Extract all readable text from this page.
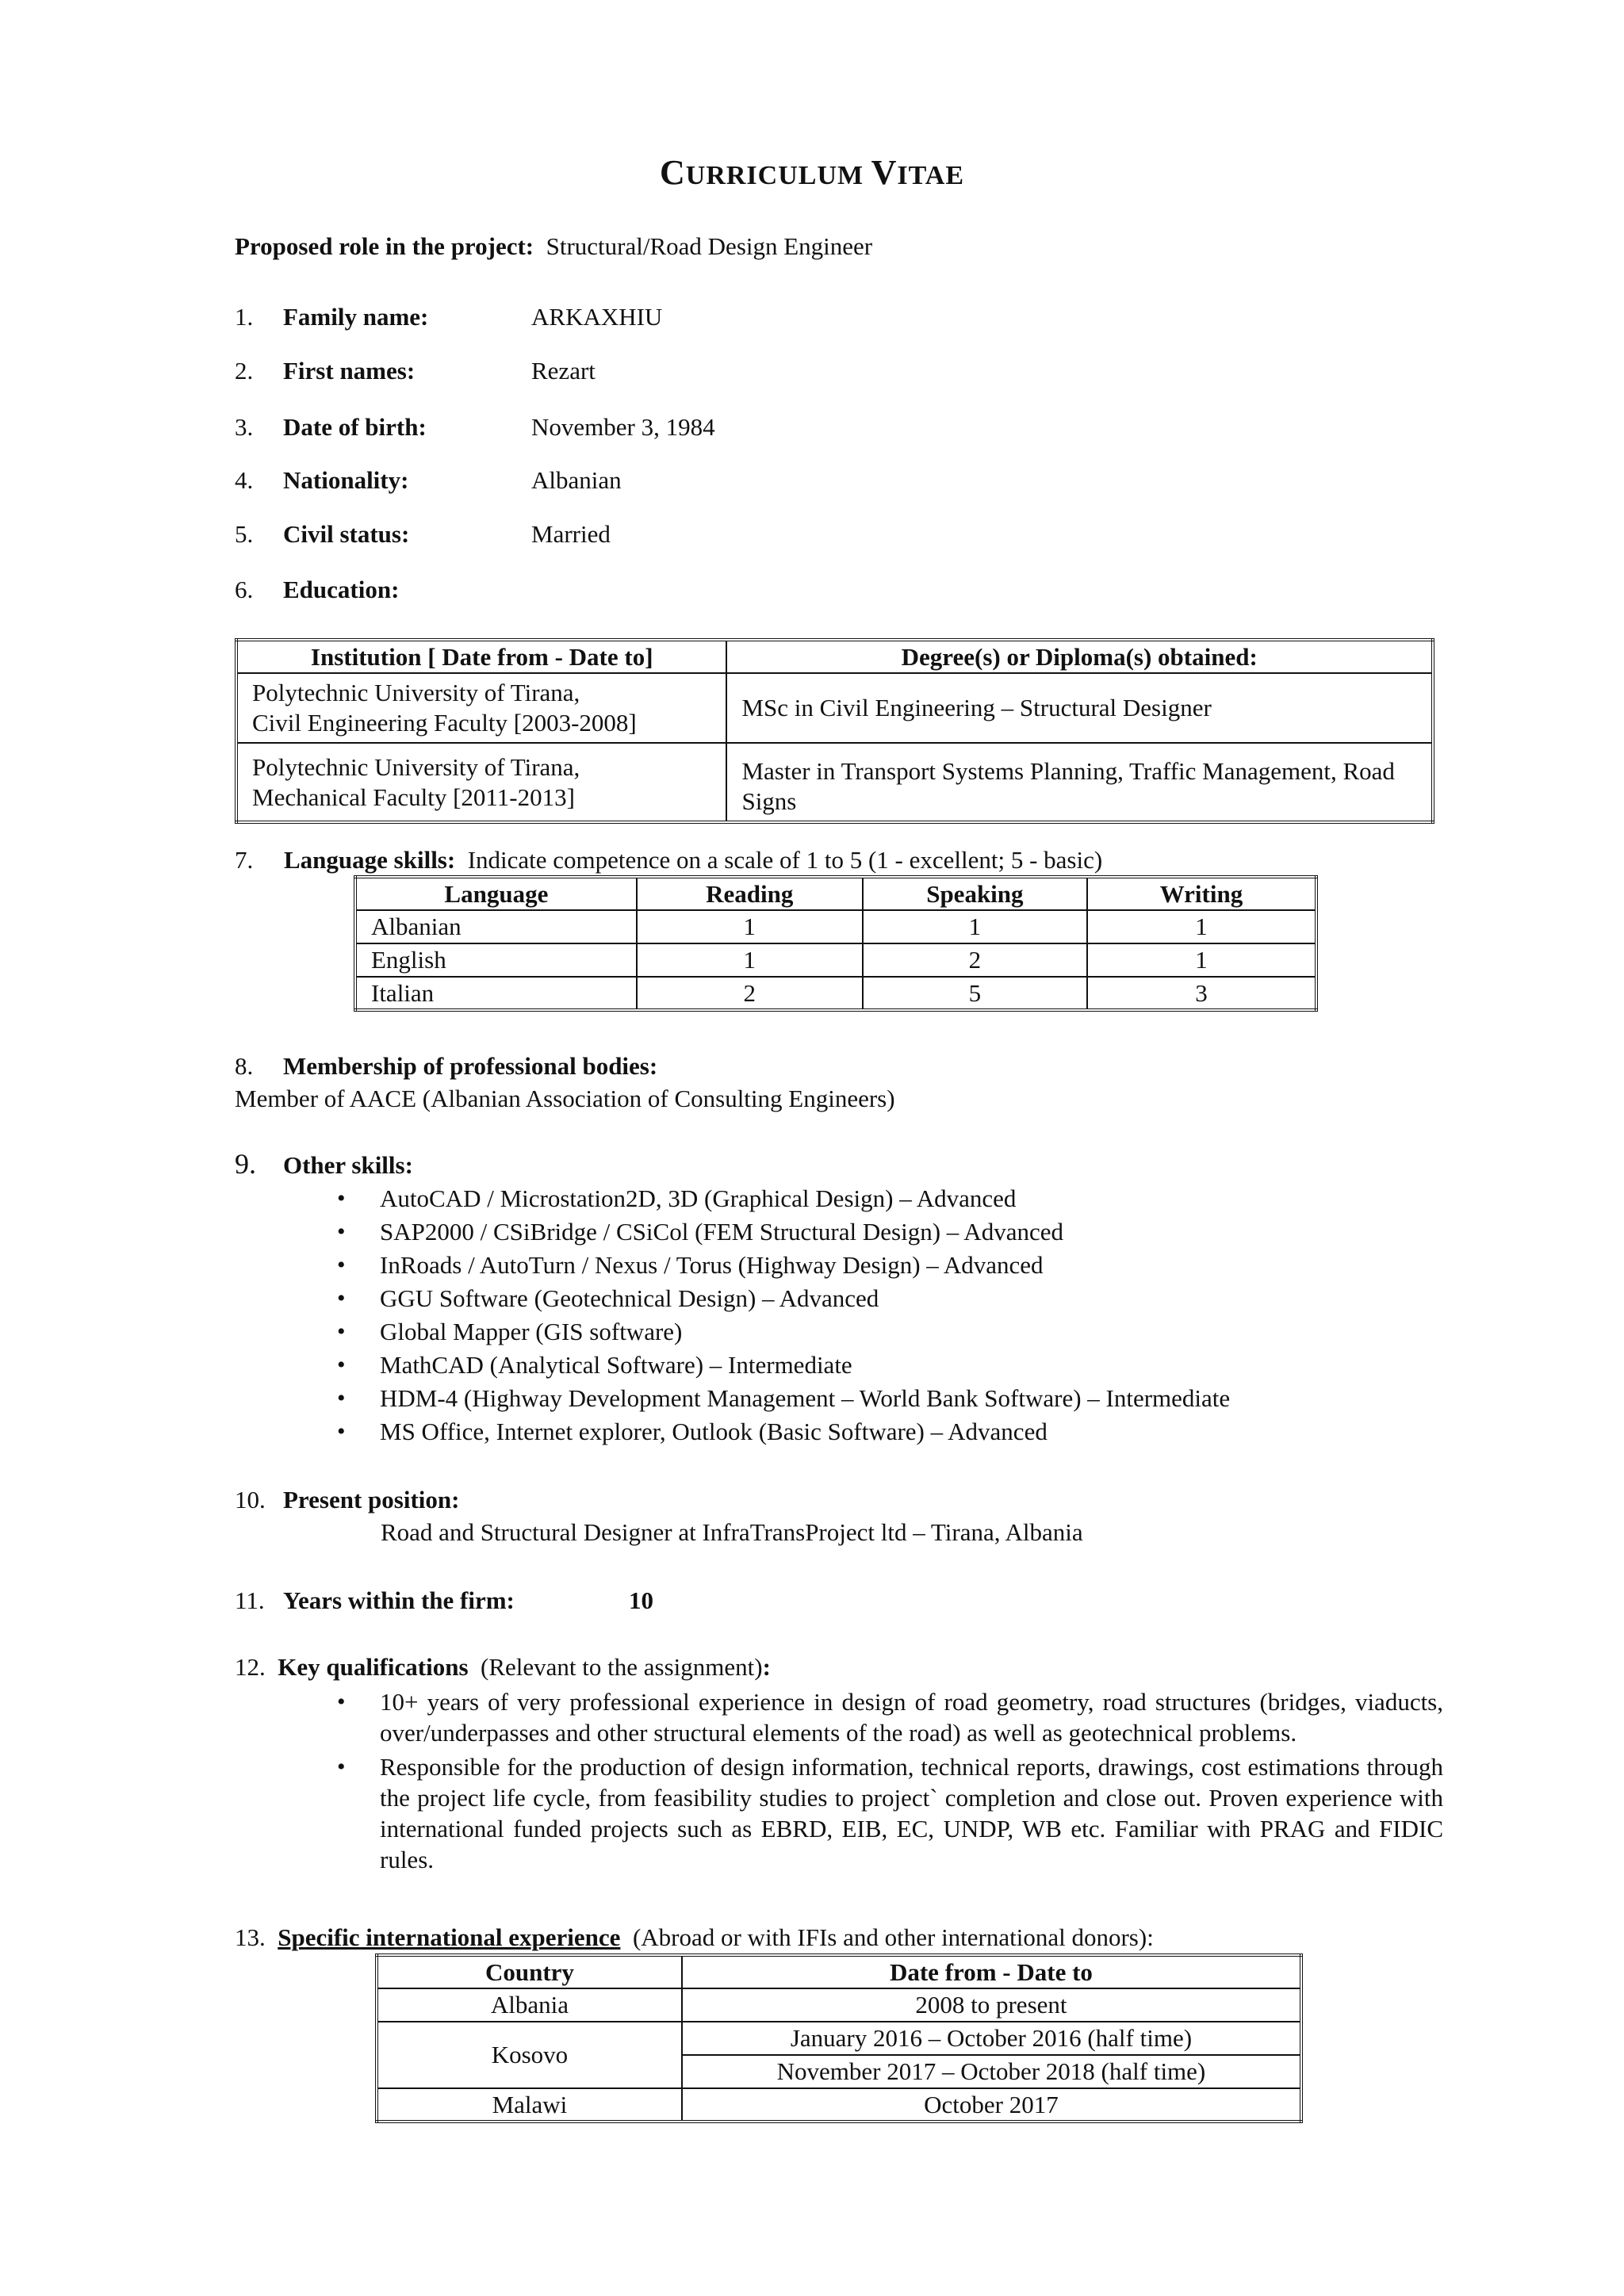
CURRICULUM VITAE
Proposed role in the project: Structural/Road Design Engineer
1. Family name:	ARKAXHIU
2. First names:	Rezart
3. Date of birth:	November 3, 1984
4. Nationality:	Albanian
5. Civil status:	Married
6. Education:
Institution [ Date from - Date to]	Degree(s) or Diploma(s) obtained:

Polytechnic University of Tirana,
Civil Engineering Faculty [2003-2008]	MSc in Civil Engineering – Structural Designer

Polytechnic University of Tirana,
Mechanical Faculty [2011-2013]	Master in Transport Systems Planning, Traffic Management, Road Signs
7. Language skills: Indicate competence on a scale of 1 to 5 (1 - excellent; 5 - basic)
Language	Reading	Speaking	Writing
Albanian	1	1	1
English	1	2	1
Italian	2	5	3
8. Membership of professional bodies:
Member of AACE (Albanian Association of Consulting Engineers)
9. Other skills:
• AutoCAD / Microstation2D, 3D (Graphical Design) – Advanced
• SAP2000 / CSiBridge / CSiCol (FEM Structural Design) – Advanced
• InRoads / AutoTurn / Nexus / Torus (Highway Design) – Advanced
• GGU Software (Geotechnical Design) – Advanced
• Global Mapper (GIS software)
• MathCAD (Analytical Software) – Intermediate
• HDM-4 (Highway Development Management – World Bank Software) – Intermediate
• MS Office, Internet explorer, Outlook (Basic Software) – Advanced
10. Present position:
Road and Structural Designer at InfraTransProject ltd – Tirana, Albania
11. Years within the firm:	10
12. Key qualifications (Relevant to the assignment):
• 10+ years of very professional experience in design of road geometry, road structures (bridges, viaducts, over/underpasses and other structural elements of the road) as well as geotechnical problems.
• Responsible for the production of design information, technical reports, drawings, cost estimations through the project life cycle, from feasibility studies to project` completion and close out. Proven experience with international funded projects such as EBRD, EIB, EC, UNDP, WB etc. Familiar with PRAG and FIDIC rules.
13. Specific international experience (Abroad or with IFIs and other international donors):
Country	Date from - Date to
Albania	2008 to present
Kosovo	January 2016 – October 2016 (half time)
	November 2017 – October 2018 (half time)
Malawi	October 2017
